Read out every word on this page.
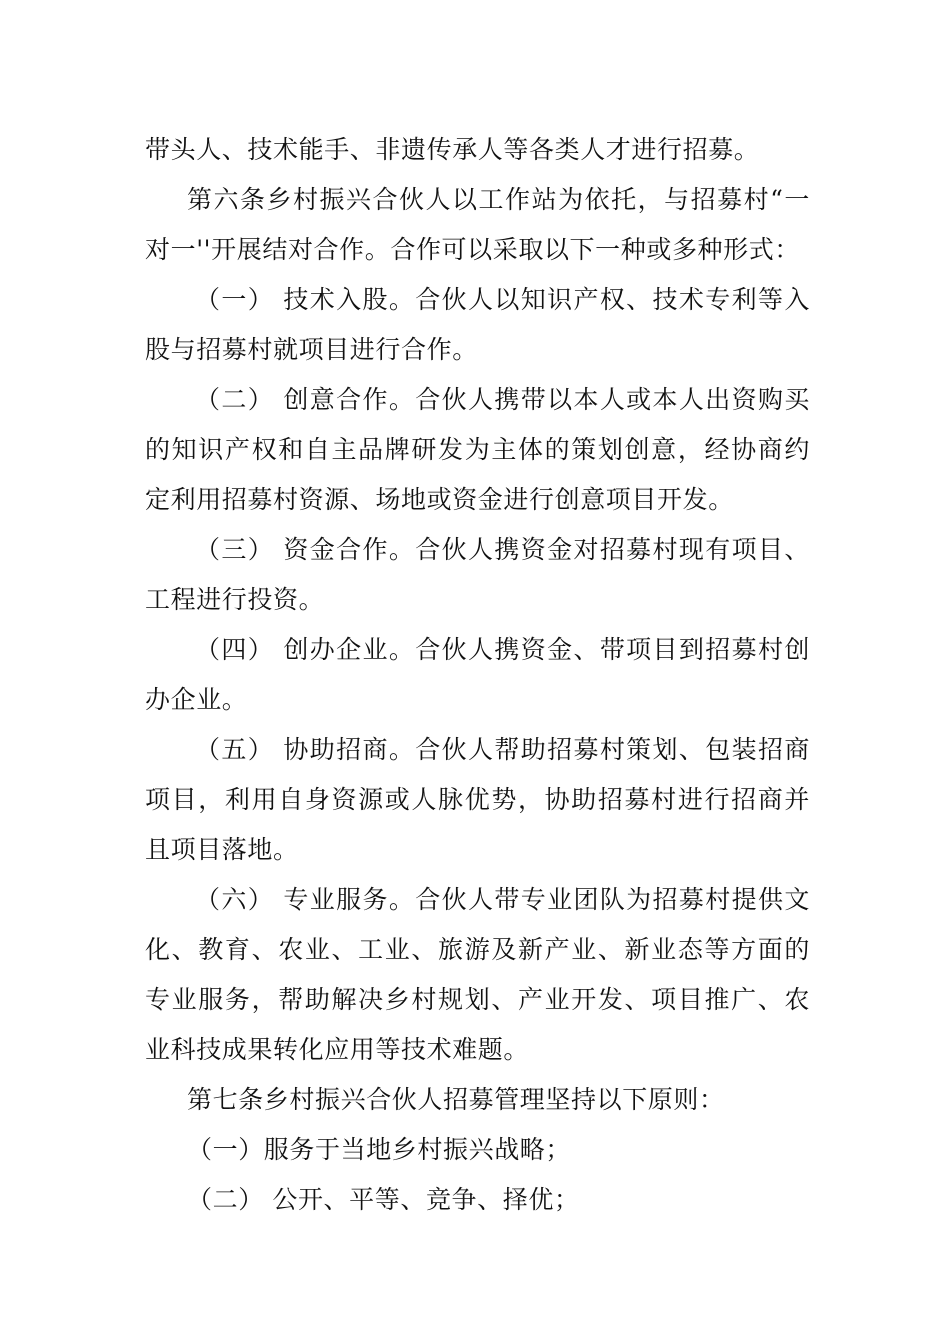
带头人、技术能手、非遗传承人等各类人才进行招募。
第六条乡村振兴合伙人以工作站为依托，与招募村“一
对一''开展结对合作。合作可以采取以下一种或多种形式：
（一） 技术入股。合伙人以知识产权、技术专利等入
股与招募村就项目进行合作。
（二） 创意合作。合伙人携带以本人或本人出资购买
的知识产权和自主品牌研发为主体的策划创意，经协商约
定利用招募村资源、场地或资金进行创意项目开发。
（三） 资金合作。合伙人携资金对招募村现有项目、
工程进行投资。
（四） 创办企业。合伙人携资金、带项目到招募村创
办企业。
（五） 协助招商。合伙人帮助招募村策划、包装招商
项目，利用自身资源或人脉优势，协助招募村进行招商并
且项目落地。
（六） 专业服务。合伙人带专业团队为招募村提供文
化、教育、农业、工业、旅游及新产业、新业态等方面的
专业服务，帮助解决乡村规划、产业开发、项目推广、农
业科技成果转化应用等技术难题。
第七条乡村振兴合伙人招募管理坚持以下原则：
（一）服务于当地乡村振兴战略；
（二） 公开、平等、竞争、择优；
